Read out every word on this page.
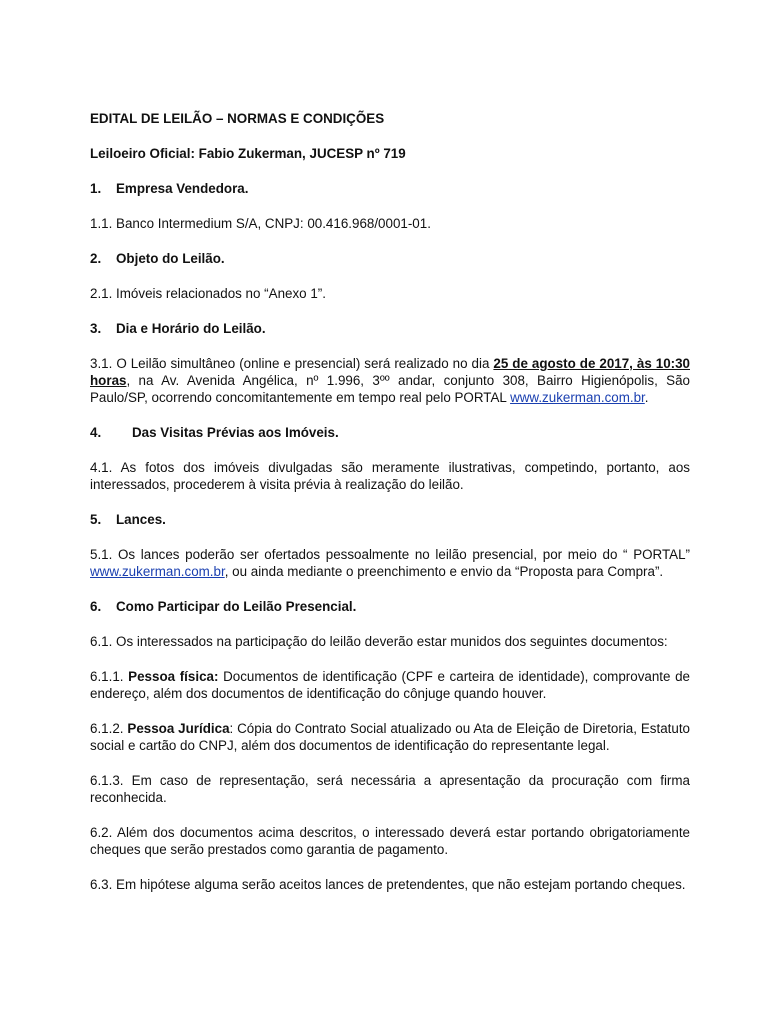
EDITAL DE LEILÃO – NORMAS E CONDIÇÕES

Leiloeiro Oficial: Fabio Zukerman, JUCESP nº 719

1.	Empresa Vendedora.

1.1. Banco Intermedium S/A, CNPJ: 00.416.968/0001-01.

2.	Objeto do Leilão.

2.1. Imóveis relacionados no “Anexo 1”.

3.	Dia e Horário do Leilão.

3.1. O Leilão simultâneo (online e presencial) será realizado no dia 25 de agosto de 2017, às 10:30 horas, na Av. Avenida Angélica, nº 1.996, 3ºº andar, conjunto 308, Bairro Higienópolis, São Paulo/SP, ocorrendo concomitantemente em tempo real pelo PORTAL www.zukerman.com.br.

4.	Das Visitas Prévias aos Imóveis.

4.1. As fotos dos imóveis divulgadas são meramente ilustrativas, competindo, portanto, aos interessados, procederem à visita prévia à realização do leilão.

5.	Lances.

5.1. Os lances poderão ser ofertados pessoalmente no leilão presencial, por meio do “ PORTAL” www.zukerman.com.br, ou ainda mediante o preenchimento e envio da “Proposta para Compra”.

6.	Como Participar do Leilão Presencial.

6.1. Os interessados na participação do leilão deverão estar munidos dos seguintes documentos:

6.1.1. Pessoa física: Documentos de identificação (CPF e carteira de identidade), comprovante de endereço, além dos documentos de identificação do cônjuge quando houver.

6.1.2. Pessoa Jurídica: Cópia do Contrato Social atualizado ou Ata de Eleição de Diretoria, Estatuto social e cartão do CNPJ, além dos documentos de identificação do representante legal.

6.1.3. Em caso de representação, será necessária a apresentação da procuração com firma reconhecida.

6.2. Além dos documentos acima descritos, o interessado deverá estar portando obrigatoriamente cheques que serão prestados como garantia de pagamento.

6.3. Em hipótese alguma serão aceitos lances de pretendentes, que não estejam portando cheques.
